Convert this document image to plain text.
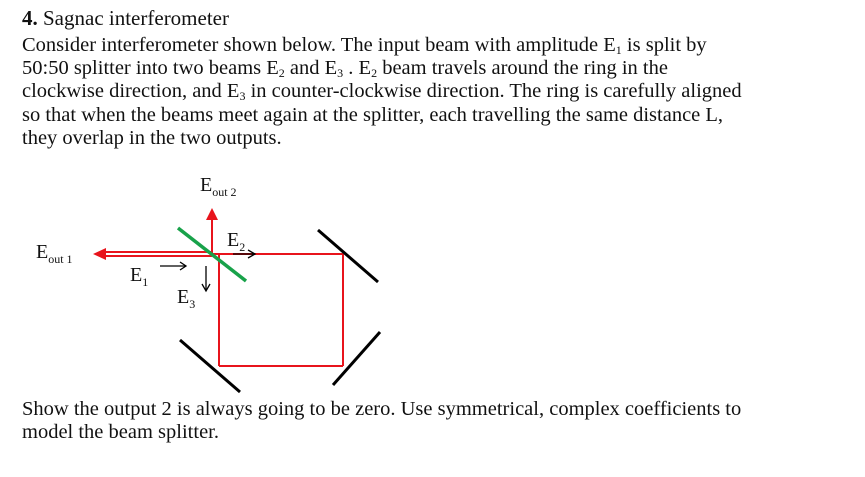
4. Sagnac interferometer
Consider interferometer shown below. The input beam with amplitude $E_1$ is split by
50:50 splitter into two beams $E_2$ and $E_3$ . $E_2$ beam travels around the ring in the
clockwise direction, and $E_3$ in counter-clockwise direction. The ring is carefully aligned
so that when the beams meet again at the splitter, each travelling the same distance L,
they overlap in the two outputs.
$E_{out 2}$
$E_{out 1}$
$E_1$
$E_2$
$E_3$
Show the output 2 is always going to be zero. Use symmetrical, complex coefficients to
model the beam splitter.
